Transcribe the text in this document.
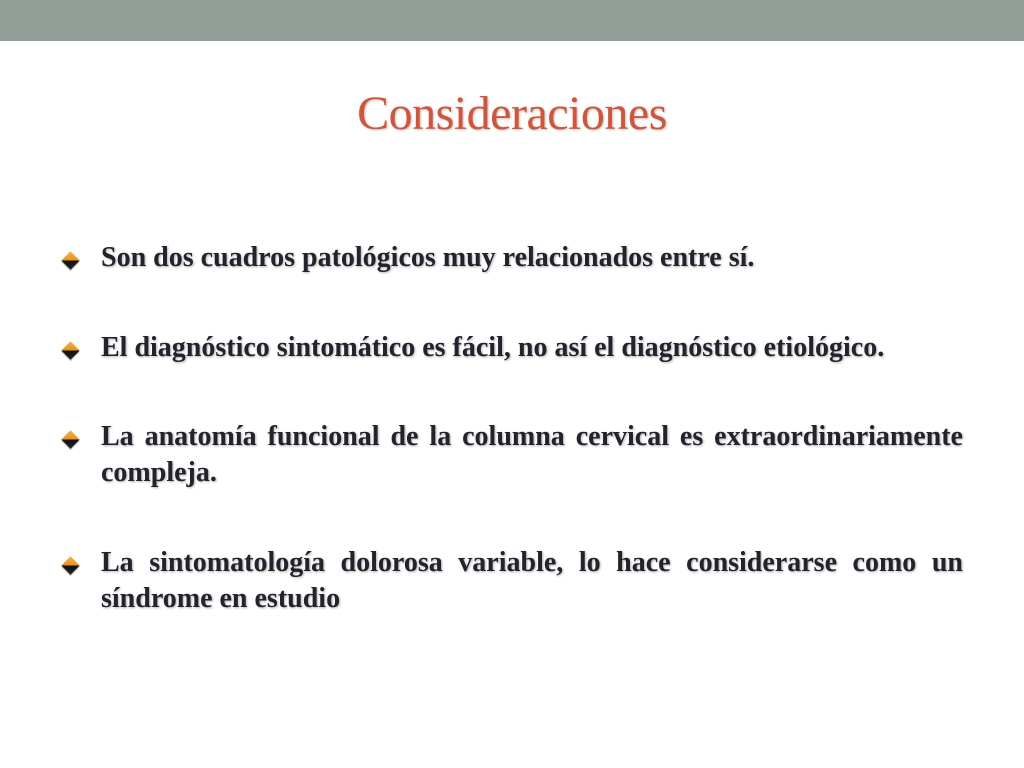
Consideraciones
Son dos cuadros patológicos muy relacionados entre sí.
El diagnóstico sintomático es fácil, no así el diagnóstico etiológico.
La anatomía funcional de la columna cervical es extraordinariamente compleja.
La sintomatología dolorosa variable, lo hace considerarse como un síndrome en estudio
